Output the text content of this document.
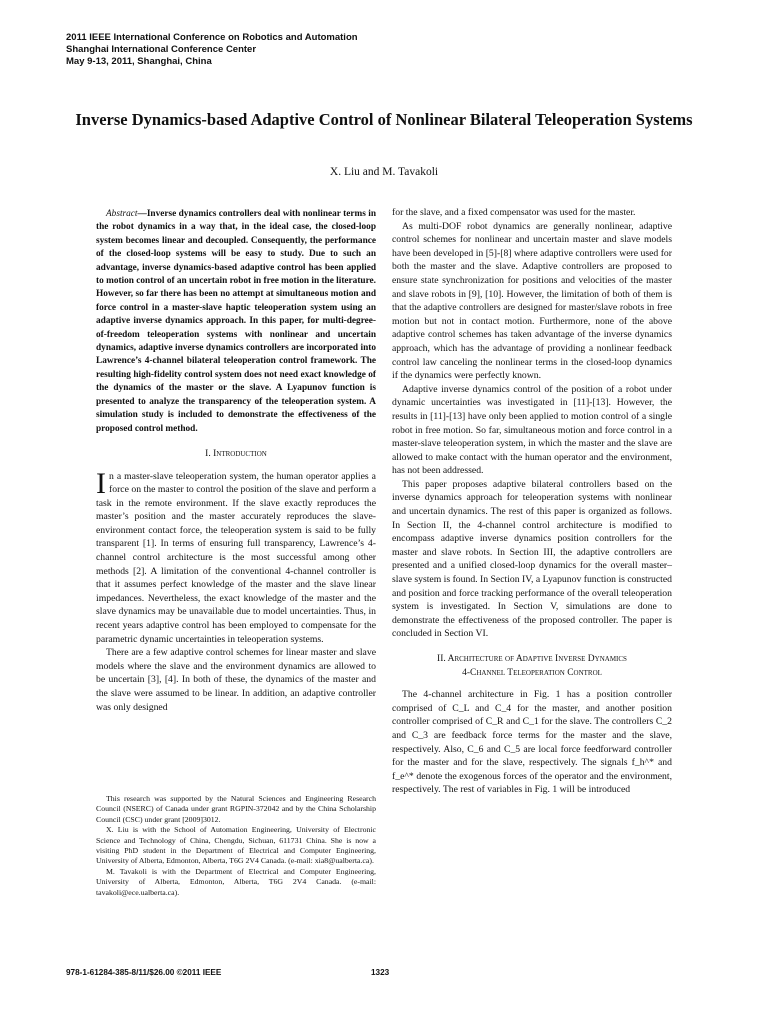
2011 IEEE International Conference on Robotics and Automation
Shanghai International Conference Center
May 9-13, 2011, Shanghai, China
Inverse Dynamics-based Adaptive Control of Nonlinear Bilateral Teleoperation Systems
X. Liu and M. Tavakoli

Abstract—Inverse dynamics controllers deal with nonlinear terms in the robot dynamics in a way that, in the ideal case, the closed-loop system becomes linear and decoupled. Consequently, the performance of the closed-loop systems will be easy to study. Due to such an advantage, inverse dynamics-based adaptive control has been applied to motion control of an uncertain robot in free motion in the literature. However, so far there has been no attempt at simultaneous motion and force control in a master-slave haptic teleoperation system using an adaptive inverse dynamics approach. In this paper, for multi-degree-of-freedom teleoperation systems with nonlinear and uncertain dynamics, adaptive inverse dynamics controllers are incorporated into Lawrence’s 4-channel bilateral teleoperation control framework. The resulting high-fidelity control system does not need exact knowledge of the dynamics of the master or the slave. A Lyapunov function is presented to analyze the transparency of the teleoperation system. A simulation study is included to demonstrate the effectiveness of the proposed control method.

I. Introduction

In a master-slave teleoperation system, the human operator applies a force on the master to control the position of the slave and perform a task in the remote environment. If the slave exactly reproduces the master’s position and the master accurately reproduces the slave-environment contact force, the teleoperation system is said to be fully transparent [1]. In terms of ensuring full transparency, Lawrence’s 4-channel control architecture is the most successful among other methods [2]. A limitation of the conventional 4-channel controller is that it assumes perfect knowledge of the master and the slave linear impedances. Nevertheless, the exact knowledge of the master and the slave dynamics may be unavailable due to model uncertainties. Thus, in recent years adaptive control has been employed to compensate for the parametric dynamic uncertainties in teleoperation systems.

There are a few adaptive control schemes for linear master and slave models where the slave and the environment dynamics are allowed to be uncertain [3], [4]. In both of these, the dynamics of the master and the slave were assumed to be linear. In addition, an adaptive controller was only designed

for the slave, and a fixed compensator was used for the master.

As multi-DOF robot dynamics are generally nonlinear, adaptive control schemes for nonlinear and uncertain master and slave models have been developed in [5]-[8] where adaptive controllers were used for both the master and the slave. Adaptive controllers are proposed to ensure state synchronization for positions and velocities of the master and slave robots in [9], [10]. However, the limitation of both of them is that the adaptive controllers are designed for master/slave robots in free motion but not in contact motion. Furthermore, none of the above adaptive control schemes has taken advantage of the inverse dynamics approach, which has the advantage of providing a nonlinear feedback control law canceling the nonlinear terms in the closed-loop dynamics if the dynamics were perfectly known.

Adaptive inverse dynamics control of the position of a robot under dynamic uncertainties was investigated in [11]-[13]. However, the results in [11]-[13] have only been applied to motion control of a single robot in free motion. So far, simultaneous motion and force control in a master-slave teleoperation system, in which the master and the slave are allowed to make contact with the human operator and the environment, has not been addressed.

This paper proposes adaptive bilateral controllers based on the inverse dynamics approach for teleoperation systems with nonlinear and uncertain dynamics. The rest of this paper is organized as follows. In Section II, the 4-channel control architecture is modified to encompass adaptive inverse dynamics position controllers for the master and slave robots. In Section III, the adaptive controllers are presented and a unified closed-loop dynamics for the overall master–slave system is found. In Section IV, a Lyapunov function is constructed and position and force tracking performance of the overall teleoperation system is investigated. In Section V, simulations are done to demonstrate the effectiveness of the proposed controller. The paper is concluded in Section VI.

II. Architecture of Adaptive Inverse Dynamics
4-Channel Teleoperation Control

The 4-channel architecture in Fig. 1 has a position controller comprised of C_L and C_4 for the master, and another position controller comprised of C_R and C_1 for the slave. The controllers C_2 and C_3 are feedback force terms for the master and the slave, respectively. Also, C_6 and C_5 are local force feedforward controller for the master and for the slave, respectively. The signals f_h^* and f_e^* denote the exogenous forces of the operator and the environment, respectively. The rest of variables in Fig. 1 will be introduced

This research was supported by the Natural Sciences and Engineering Research Council (NSERC) of Canada under grant RGPIN-372042 and by the China Scholarship Council (CSC) under grant [2009]3012.

X. Liu is with the School of Automation Engineering, University of Electronic Science and Technology of China, Chengdu, Sichuan, 611731 China. She is now a visiting PhD student in the Department of Electrical and Computer Engineering, University of Alberta, Edmonton, Alberta, T6G 2V4 Canada. (e-mail: xia8@ualberta.ca).

M. Tavakoli is with the Department of Electrical and Computer Engineering, University of Alberta, Edmonton, Alberta, T6G 2V4 Canada. (e-mail: tavakoli@ece.ualberta.ca).

978-1-61284-385-8/11/$26.00 ©2011 IEEE	1323
